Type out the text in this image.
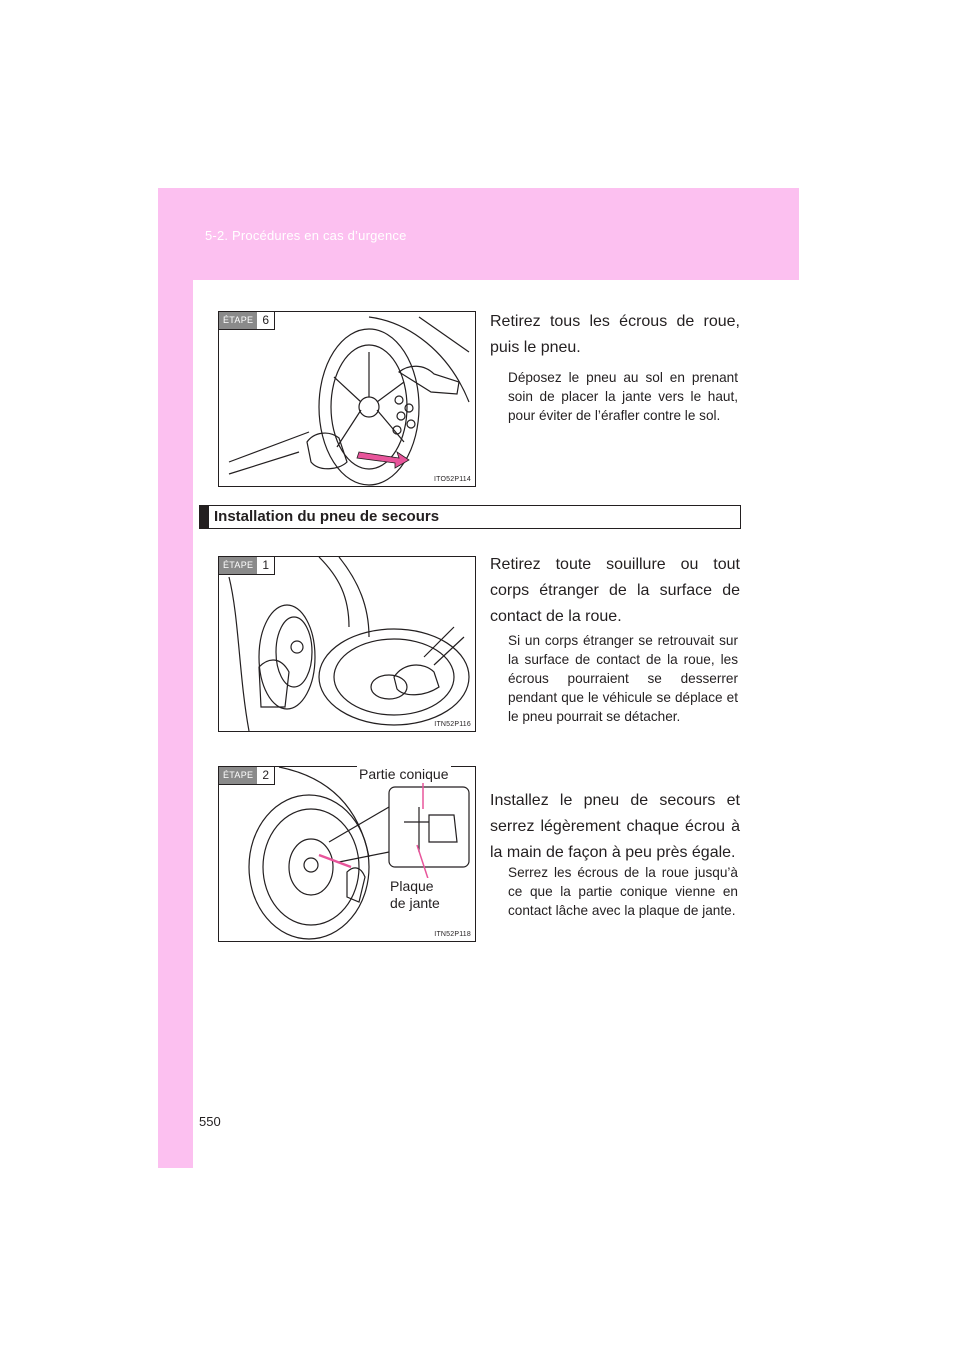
5-2. Procédures en cas d’urgence
ÉTAPE 6
ITO52P114
Retirez tous les écrous de roue, puis le pneu.
Déposez le pneu au sol en prenant soin de placer la jante vers le haut, pour éviter de l’érafler contre le sol.
Installation du pneu de secours
ÉTAPE 1
ITN52P116
Retirez toute souillure ou tout corps étranger de la surface de contact de la roue.
Si un corps étranger se retrouvait sur la surface de contact de la roue, les écrous pourraient se desserrer pendant que le véhicule se déplace et le pneu pourrait se détacher.
ÉTAPE 2
ITN52P118
Partie conique
Plaque
de jante
Installez le pneu de secours et serrez légèrement chaque écrou à la main de façon à peu près égale.
Serrez les écrous de la roue jusqu’à ce que la partie conique vienne en contact lâche avec la plaque de jante.
550
